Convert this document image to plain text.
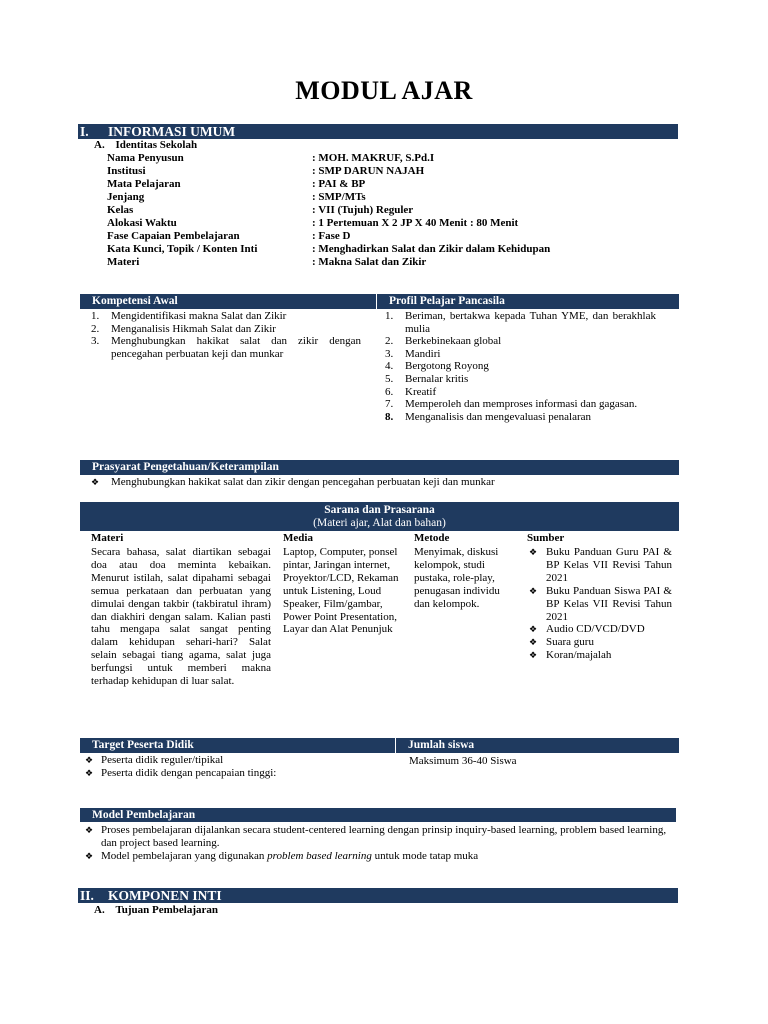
MODUL AJAR
I. INFORMASI UMUM
A. Identitas Sekolah
Nama Penyusun	: MOH. MAKRUF, S.Pd.I
Institusi	: SMP DARUN NAJAH
Mata Pelajaran	: PAI & BP
Jenjang	: SMP/MTs
Kelas	: VII (Tujuh) Reguler
Alokasi Waktu	: 1 Pertemuan X 2 JP X 40 Menit : 80 Menit
Fase Capaian Pembelajaran	: Fase D
Kata Kunci, Topik / Konten Inti	: Menghadirkan Salat dan Zikir dalam Kehidupan
Materi	: Makna Salat dan Zikir
Kompetensi Awal	Profil Pelajar Pancasila
1. Mengidentifikasi makna Salat dan Zikir
2. Menganalisis Hikmah Salat dan Zikir
3. Menghubungkan hakikat salat dan zikir dengan pencegahan perbuatan keji dan munkar
1. Beriman, bertakwa kepada Tuhan YME, dan berakhlak mulia
2. Berkebinekaan global
3. Mandiri
4. Bergotong Royong
5. Bernalar kritis
6. Kreatif
7. Memperoleh dan memproses informasi dan gagasan.
8. Menganalisis dan mengevaluasi penalaran
Prasyarat Pengetahuan/Keterampilan
❖ Menghubungkan hakikat salat dan zikir dengan pencegahan perbuatan keji dan munkar
Sarana dan Prasarana
(Materi ajar, Alat dan bahan)
Materi	Media	Metode	Sumber
Secara bahasa, salat diartikan sebagai doa atau doa meminta kebaikan. Menurut istilah, salat dipahami sebagai semua perkataan dan perbuatan yang dimulai dengan takbir (takbiratul ihram) dan diakhiri dengan salam. Kalian pasti tahu mengapa salat sangat penting dalam kehidupan sehari-hari? Salat selain sebagai tiang agama, salat juga berfungsi untuk memberi makna terhadap kehidupan di luar salat.
Laptop, Computer, ponsel pintar, Jaringan internet, Proyektor/LCD, Rekaman untuk Listening, Loud Speaker, Film/gambar, Power Point Presentation, Layar dan Alat Penunjuk
Menyimak, diskusi kelompok, studi pustaka, role-play, penugasan individu dan kelompok.
❖ Buku Panduan Guru PAI & BP Kelas VII Revisi Tahun 2021
❖ Buku Panduan Siswa PAI & BP Kelas VII Revisi Tahun 2021
❖ Audio CD/VCD/DVD
❖ Suara guru
❖ Koran/majalah
Target Peserta Didik	Jumlah siswa
❖ Peserta didik reguler/tipikal
❖ Peserta didik dengan pencapaian tinggi:
Maksimum 36-40 Siswa
Model Pembelajaran
❖ Proses pembelajaran dijalankan secara student-centered learning dengan prinsip inquiry-based learning, problem based learning, dan project based learning.
❖ Model pembelajaran yang digunakan problem based learning untuk mode tatap muka
II. KOMPONEN INTI
A. Tujuan Pembelajaran
